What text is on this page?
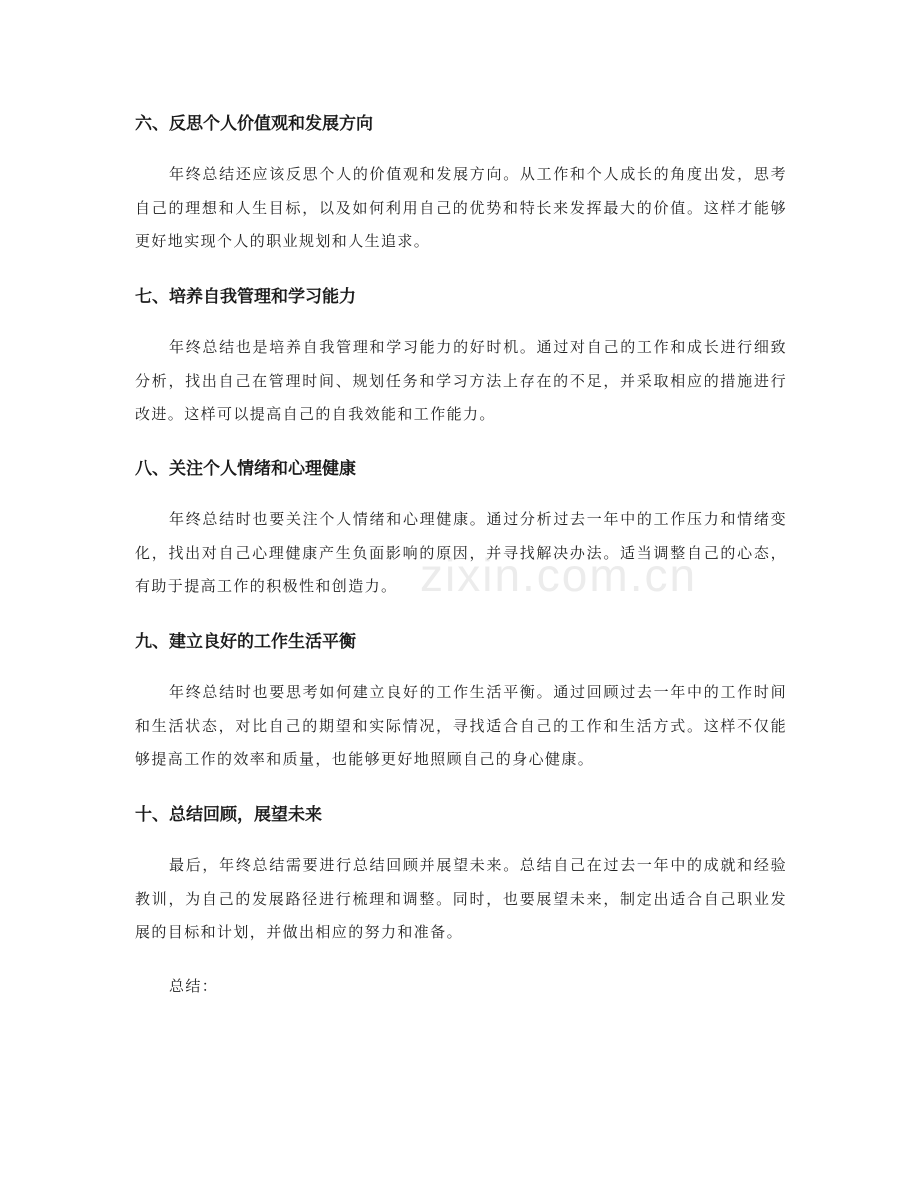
六、反思个人价值观和发展方向

年终总结还应该反思个人的价值观和发展方向。从工作和个人成长的角度出发，思考自己的理想和人生目标，以及如何利用自己的优势和特长来发挥最大的价值。这样才能够更好地实现个人的职业规划和人生追求。

七、培养自我管理和学习能力

年终总结也是培养自我管理和学习能力的好时机。通过对自己的工作和成长进行细致分析，找出自己在管理时间、规划任务和学习方法上存在的不足，并采取相应的措施进行改进。这样可以提高自己的自我效能和工作能力。

八、关注个人情绪和心理健康

年终总结时也要关注个人情绪和心理健康。通过分析过去一年中的工作压力和情绪变化，找出对自己心理健康产生负面影响的原因，并寻找解决办法。适当调整自己的心态，有助于提高工作的积极性和创造力。

九、建立良好的工作生活平衡

年终总结时也要思考如何建立良好的工作生活平衡。通过回顾过去一年中的工作时间和生活状态，对比自己的期望和实际情况，寻找适合自己的工作和生活方式。这样不仅能够提高工作的效率和质量，也能够更好地照顾自己的身心健康。

十、总结回顾，展望未来

最后，年终总结需要进行总结回顾并展望未来。总结自己在过去一年中的成就和经验教训，为自己的发展路径进行梳理和调整。同时，也要展望未来，制定出适合自己职业发展的目标和计划，并做出相应的努力和准备。

总结：
zixin.com.cn
